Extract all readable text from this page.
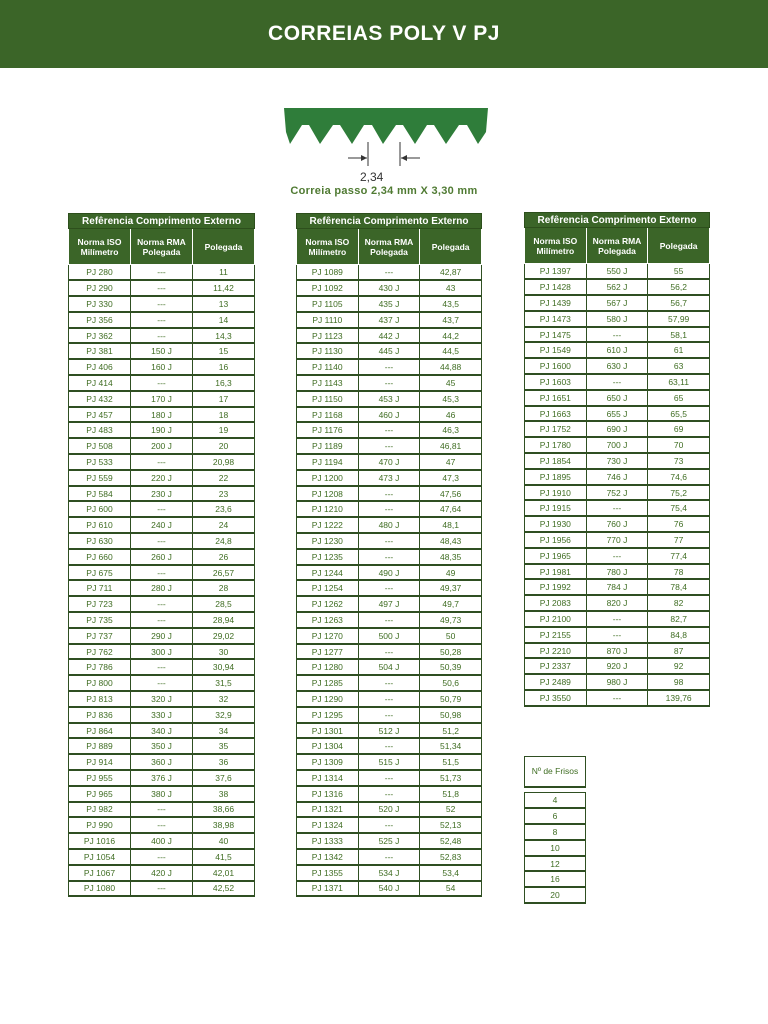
CORREIAS POLY V PJ
2,34
Correia passo 2,34 mm X 3,30 mm
Refêrencia Comprimento Externo		
Norma ISO Milímetro	Norma RMA Polegada	Polegada
PJ 280	---	11
PJ 290	---	11,42
PJ 330	---	13
PJ 356	---	14
PJ 362	---	14,3
PJ 381	150 J	15
PJ 406	160 J	16
PJ 414	---	16,3
PJ 432	170 J	17
PJ 457	180 J	18
PJ 483	190 J	19
PJ 508	200 J	20
PJ 533	---	20,98
PJ 559	220 J	22
PJ 584	230 J	23
PJ 600	---	23,6
PJ 610	240 J	24
PJ 630	---	24,8
PJ 660	260 J	26
PJ 675	---	26,57
PJ 711	280 J	28
PJ 723	---	28,5
PJ 735	---	28,94
PJ 737	290 J	29,02
PJ 762	300 J	30
PJ 786	---	30,94
PJ 800	---	31,5
PJ 813	320 J	32
PJ 836	330 J	32,9
PJ 864	340 J	34
PJ 889	350 J	35
PJ 914	360 J	36
PJ 955	376 J	37,6
PJ 965	380 J	38
PJ 982	---	38,66
PJ 990	---	38,98
PJ 1016	400 J	40
PJ 1054	---	41,5
PJ 1067	420 J	42,01
PJ 1080	---	42,52
Refêrencia Comprimento Externo		
Norma ISO Milímetro	Norma RMA Polegada	Polegada
PJ 1089	---	42,87
PJ 1092	430 J	43
PJ 1105	435 J	43,5
PJ 1110	437 J	43,7
PJ 1123	442 J	44,2
PJ 1130	445 J	44,5
PJ 1140	---	44,88
PJ 1143	---	45
PJ 1150	453 J	45,3
PJ 1168	460 J	46
PJ 1176	---	46,3
PJ 1189	---	46,81
PJ 1194	470 J	47
PJ 1200	473 J	47,3
PJ 1208	---	47,56
PJ 1210	---	47,64
PJ 1222	480 J	48,1
PJ 1230	---	48,43
PJ 1235	---	48,35
PJ 1244	490 J	49
PJ 1254	---	49,37
PJ 1262	497 J	49,7
PJ 1263	---	49,73
PJ 1270	500 J	50
PJ 1277	---	50,28
PJ 1280	504 J	50,39
PJ 1285	---	50,6
PJ 1290	---	50,79
PJ 1295	---	50,98
PJ 1301	512 J	51,2
PJ 1304	---	51,34
PJ 1309	515 J	51,5
PJ 1314	---	51,73
PJ 1316	---	51,8
PJ 1321	520 J	52
PJ 1324	---	52,13
PJ 1333	525 J	52,48
PJ 1342	---	52,83
PJ 1355	534 J	53,4
PJ 1371	540 J	54
Refêrencia Comprimento Externo		
Norma ISO Milímetro	Norma RMA Polegada	Polegada
PJ 1397	550 J	55
PJ 1428	562 J	56,2
PJ 1439	567 J	56,7
PJ 1473	580 J	57,99
PJ 1475	---	58,1
PJ 1549	610 J	61
PJ 1600	630 J	63
PJ 1603	---	63,11
PJ 1651	650 J	65
PJ 1663	655 J	65,5
PJ 1752	690 J	69
PJ 1780	700 J	70
PJ 1854	730 J	73
PJ 1895	746 J	74,6
PJ 1910	752 J	75,2
PJ 1915	---	75,4
PJ 1930	760 J	76
PJ 1956	770 J	77
PJ 1965	---	77,4
PJ 1981	780 J	78
PJ 1992	784 J	78,4
PJ 2083	820 J	82
PJ 2100	---	82,7
PJ 2155	---	84,8
PJ 2210	870 J	87
PJ 2337	920 J	92
PJ 2489	980 J	98
PJ 3550	---	139,76
Nº de Frisos

4
6
8
10
12
16
20
